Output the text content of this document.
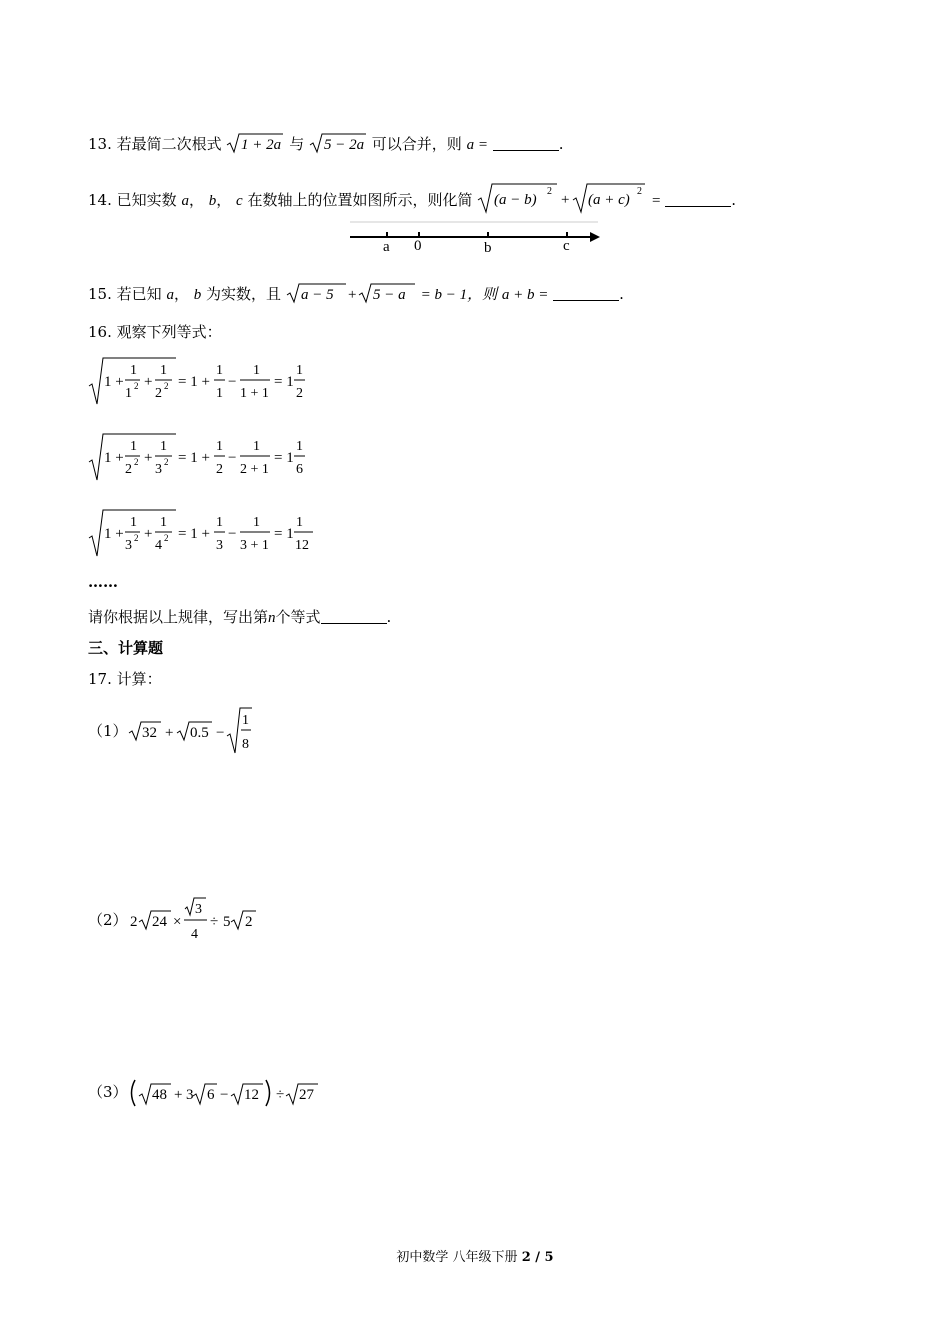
13. 若最简二次根式 1 + 2a 与 5 − 2a 可以合并，则 a =	.
14. 已知实数 a， b， c 在数轴上的位置如图所示，则化简 (a − b)
2
+ (a + c)
2
=	.
a 0	b	c
15. 若已知 a， b 为实数，且 a − 5 + 5 − a = b − 1，则 a + b =	.
16. 观察下列等式：
1 +
1
1 2 +
1
2 2 = 1 +
1
1
−
1
1 + 1
= 1
1
2
1 +
1
2 2 +
1
3 2 = 1 +
1
2
−
1
2 + 1
= 1
1
6
1 +
1
3 2 +
1
4 2 = 1 +
1
3
−
1
3 + 1
= 1
1
12
……
请你根据以上规律，写出第n个等式	.
三、计算题
17. 计算：
（1） 32 + 0.5 −
1
8
（2） 2 24 ×
3
4
÷ 5 2
（3） 48 + 3 6 − 12 ÷ 27
初中数学 八年级下册 2 / 5
